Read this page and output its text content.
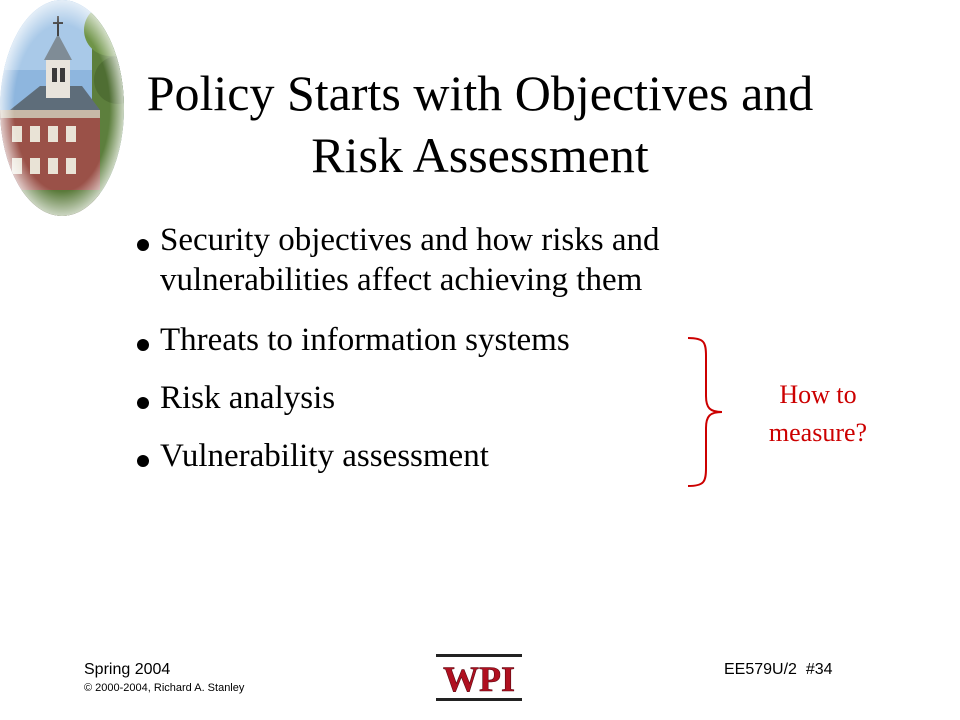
Policy Starts with Objectives and Risk Assessment
Security objectives and how risks and vulnerabilities affect achieving them
Threats to information systems
Risk analysis
Vulnerability assessment
How to measure?
Spring 2004
© 2000-2004, Richard A. Stanley	WPI	EE579U/2  #34
